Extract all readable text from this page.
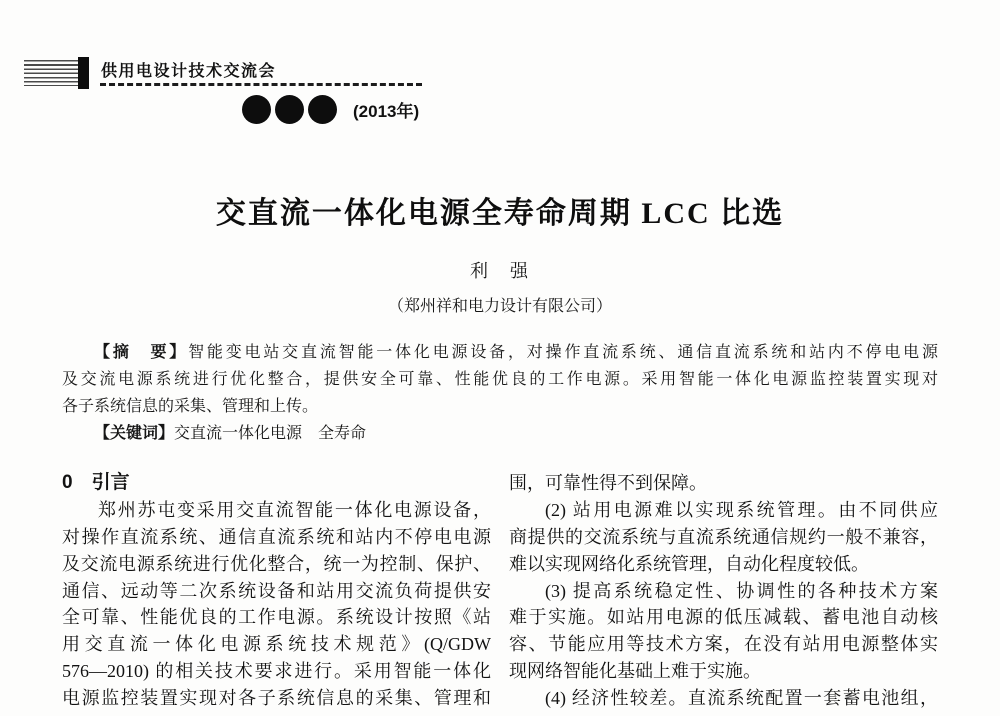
供用电设计技术交流会
(2013年)
交直流一体化电源全寿命周期 LCC 比选
利　强
（郑州祥和电力设计有限公司）
【摘　要】智能变电站交直流智能一体化电源设备，对操作直流系统、通信直流系统和站内不停电电源
及交流电源系统进行优化整合，提供安全可靠、性能优良的工作电源。采用智能一体化电源监控装置实现对
各子系统信息的采集、管理和上传。
【关键词】交直流一体化电源　全寿命
0 引言
郑州苏屯变采用交直流智能一体化电源设备，
对操作直流系统、通信直流系统和站内不停电电源
及交流电源系统进行优化整合，统一为控制、保护、
通信、远动等二次系统设备和站用交流负荷提供安
全可靠、性能优良的工作电源。系统设计按照《站
用交直流一体化电源系统技术规范》(Q/GDW
576—2010) 的相关技术要求进行。采用智能一体化
电源监控装置实现对各子系统信息的采集、管理和
围，可靠性得不到保障。
(2) 站用电源难以实现系统管理。由不同供应
商提供的交流系统与直流系统通信规约一般不兼容，
难以实现网络化系统管理，自动化程度较低。
(3) 提高系统稳定性、协调性的各种技术方案
难于实施。如站用电源的低压减载、蓄电池自动核
容、节能应用等技术方案，在没有站用电源整体实
现网络智能化基础上难于实施。
(4) 经济性较差。直流系统配置一套蓄电池组，
